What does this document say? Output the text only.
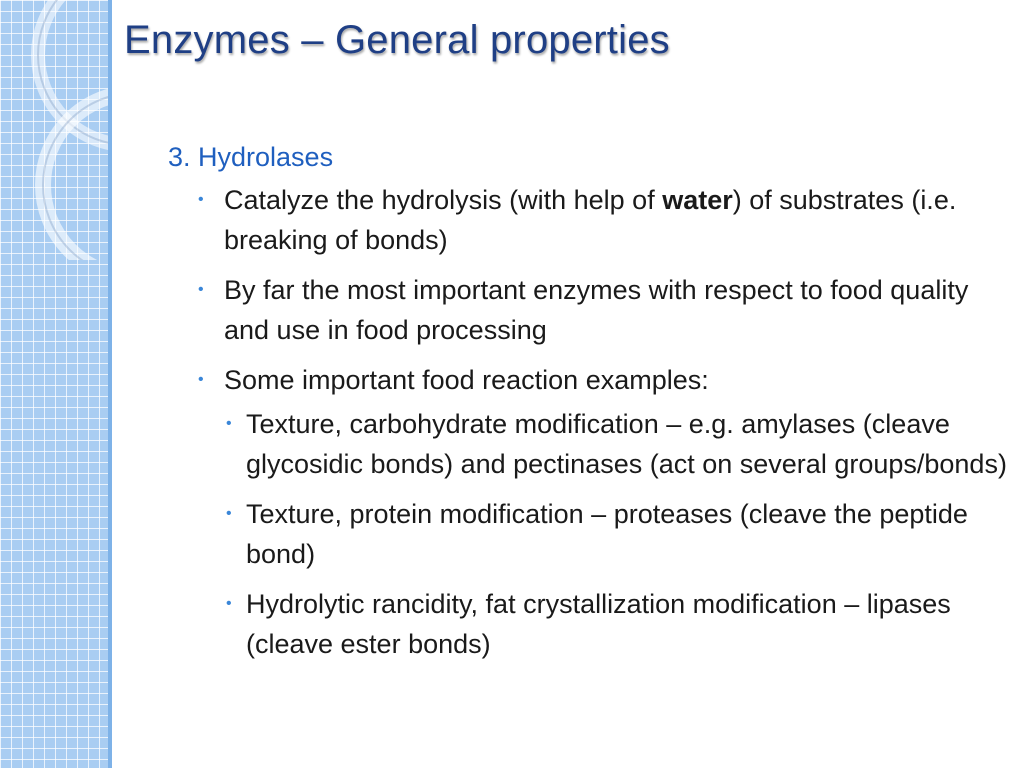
Enzymes – General properties
3. Hydrolases
• Catalyze the hydrolysis (with help of water) of substrates (i.e. breaking of bonds)
• By far the most important enzymes with respect to food quality and use in food processing
• Some important food reaction examples:
• Texture, carbohydrate modification – e.g. amylases (cleave glycosidic bonds) and pectinases (act on several groups/bonds)
• Texture, protein modification – proteases (cleave the peptide bond)
• Hydrolytic rancidity, fat crystallization modification – lipases (cleave ester bonds)
